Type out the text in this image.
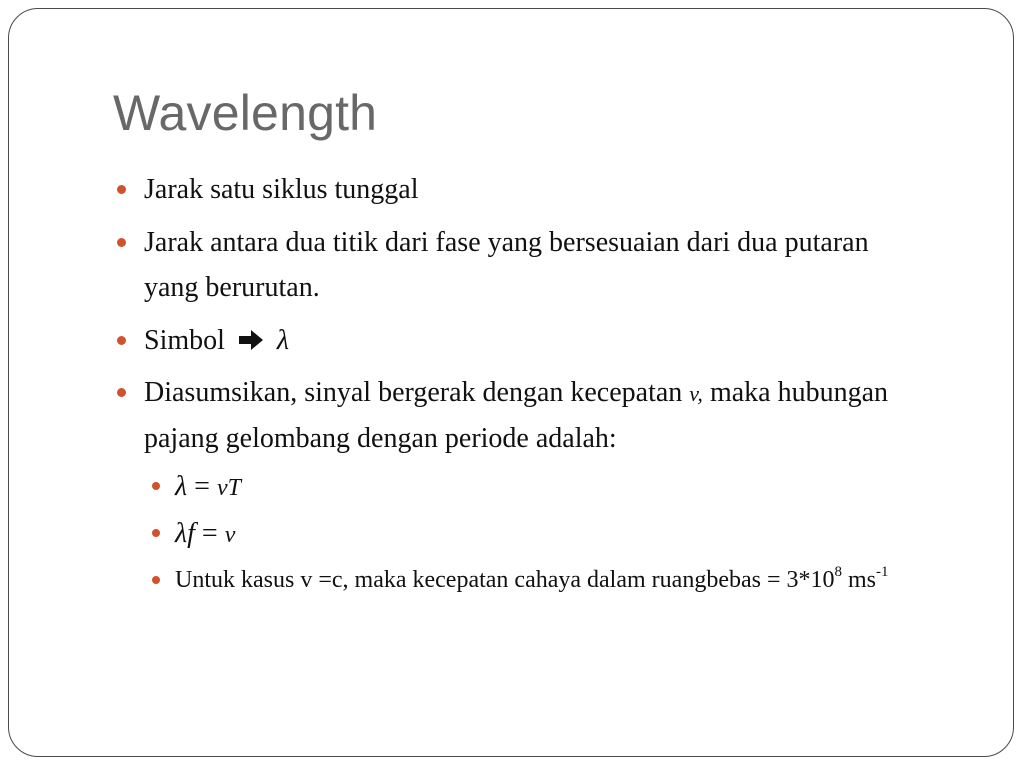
Wavelength
Jarak satu siklus tunggal
Jarak antara dua titik dari fase yang bersesuaian dari dua putaran yang berurutan.
Simbol λ
Diasumsikan, sinyal bergerak dengan kecepatan v, maka hubungan pajang gelombang dengan periode adalah:
λ = vT
λf = v
Untuk kasus v =c, maka kecepatan cahaya dalam ruangbebas = $3*10^8$ $ms^{-1}$
